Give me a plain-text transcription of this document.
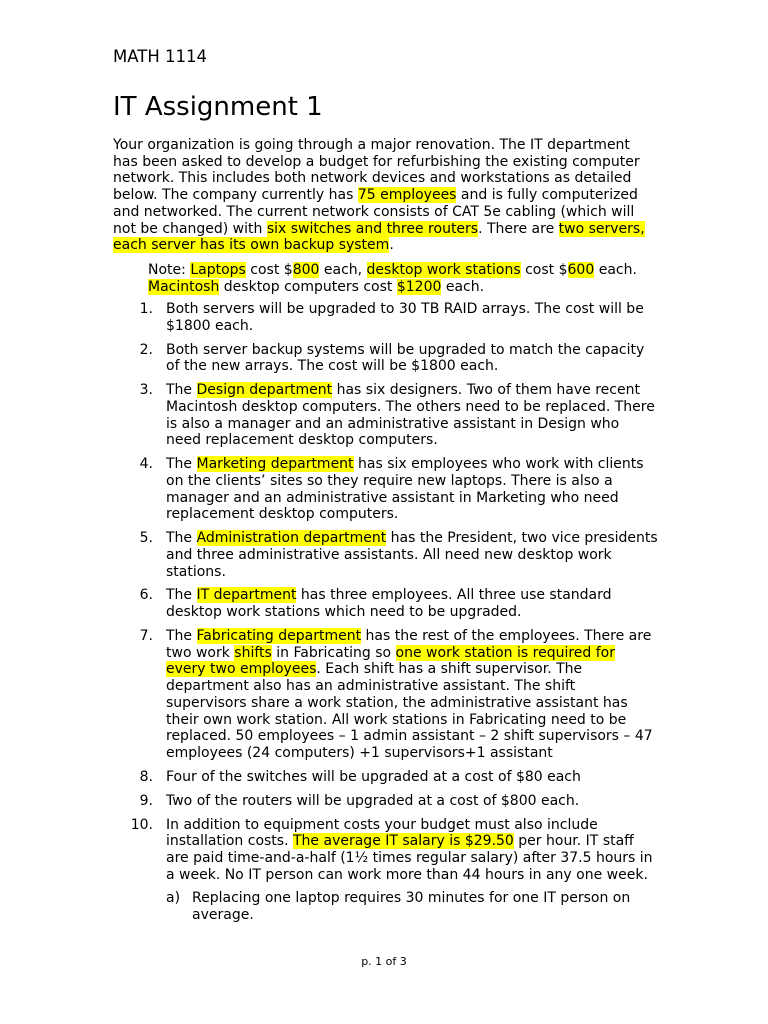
MATH 1114
IT Assignment 1

Your organization is going through a major renovation. The IT department has been asked to develop a budget for refurbishing the existing computer network. This includes both network devices and workstations as detailed below. The company currently has 75 employees and is fully computerized and networked. The current network consists of CAT 5e cabling (which will not be changed) with six switches and three routers. There are two servers, each server has its own backup system.

Note: Laptops cost $800 each, desktop work stations cost $600 each. Macintosh desktop computers cost $1200 each.

1. Both servers will be upgraded to 30 TB RAID arrays. The cost will be $1800 each.
2. Both server backup systems will be upgraded to match the capacity of the new arrays. The cost will be $1800 each.
3. The Design department has six designers. Two of them have recent Macintosh desktop computers. The others need to be replaced. There is also a manager and an administrative assistant in Design who need replacement desktop computers.
4. The Marketing department has six employees who work with clients on the clients’ sites so they require new laptops. There is also a manager and an administrative assistant in Marketing who need replacement desktop computers.
5. The Administration department has the President, two vice presidents and three administrative assistants. All need new desktop work stations.
6. The IT department has three employees. All three use standard desktop work stations which need to be upgraded.
7. The Fabricating department has the rest of the employees. There are two work shifts in Fabricating so one work station is required for every two employees. Each shift has a shift supervisor. The department also has an administrative assistant. The shift supervisors share a work station, the administrative assistant has their own work station. All work stations in Fabricating need to be replaced. 50 employees – 1 admin assistant – 2 shift supervisors – 47 employees (24 computers) +1 supervisors+1 assistant
8. Four of the switches will be upgraded at a cost of $80 each
9. Two of the routers will be upgraded at a cost of $800 each.
10. In addition to equipment costs your budget must also include installation costs. The average IT salary is $29.50 per hour. IT staff are paid time-and-a-half (1½ times regular salary) after 37.5 hours in a week. No IT person can work more than 44 hours in any one week.
a) Replacing one laptop requires 30 minutes for one IT person on average.

p. 1 of 3
